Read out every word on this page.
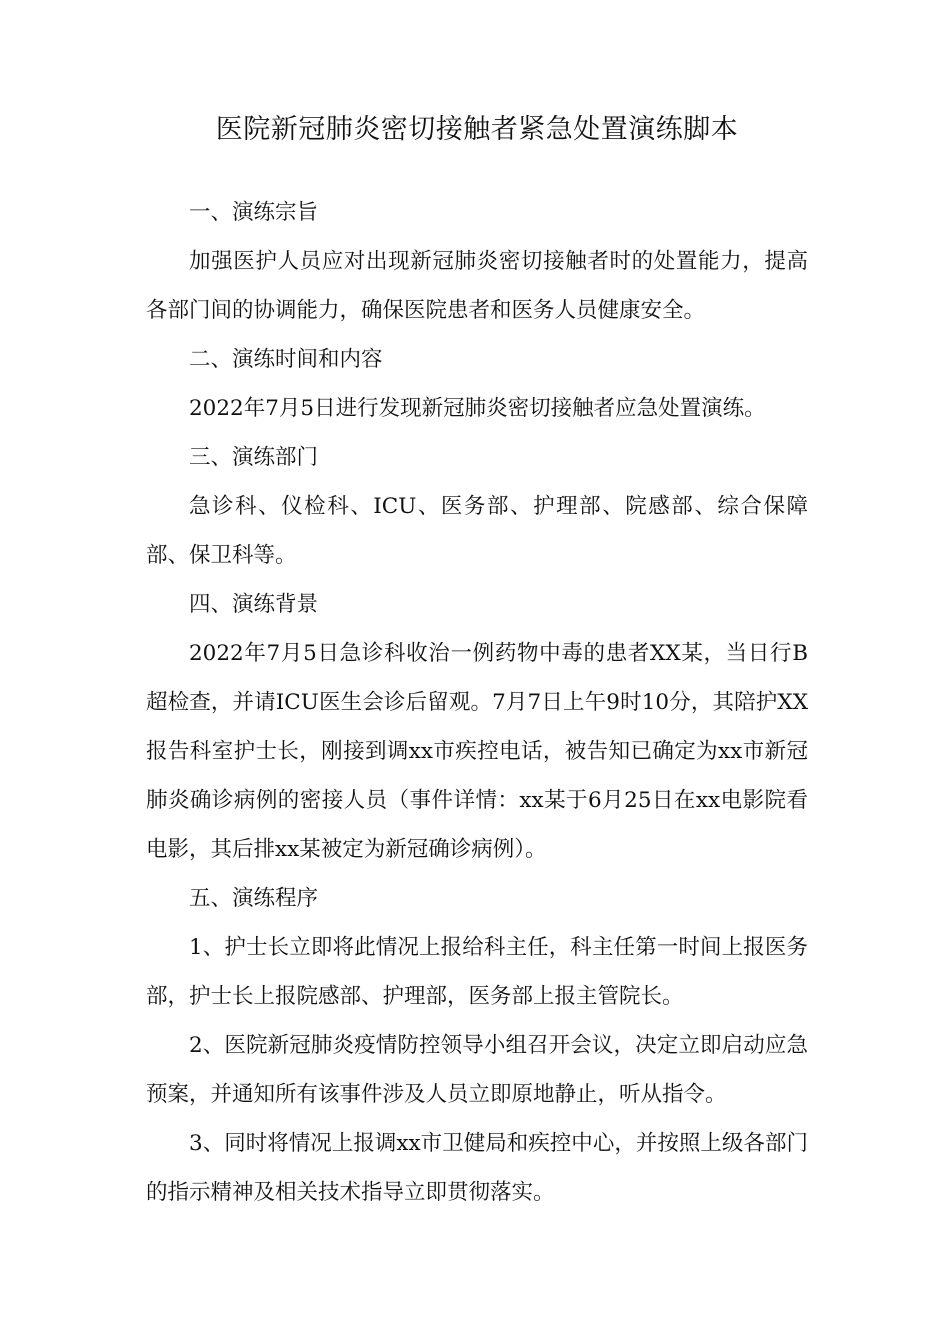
医院新冠肺炎密切接触者紧急处置演练脚本

一、演练宗旨

加强医护人员应对出现新冠肺炎密切接触者时的处置能力，提高各部门间的协调能力，确保医院患者和医务人员健康安全。

二、演练时间和内容

2022年7月5日进行发现新冠肺炎密切接触者应急处置演练。

三、演练部门

急诊科、仪检科、ICU、医务部、护理部、院感部、综合保障部、保卫科等。

四、演练背景

2022年7月5日急诊科收治一例药物中毒的患者XX某，当日行B超检查，并请ICU医生会诊后留观。7月7日上午9时10分，其陪护XX报告科室护士长，刚接到调xx市疾控电话，被告知已确定为xx市新冠肺炎确诊病例的密接人员（事件详情：xx某于6月25日在xx电影院看电影，其后排xx某被定为新冠确诊病例）。

五、演练程序

1、护士长立即将此情况上报给科主任，科主任第一时间上报医务部，护士长上报院感部、护理部，医务部上报主管院长。

2、医院新冠肺炎疫情防控领导小组召开会议，决定立即启动应急预案，并通知所有该事件涉及人员立即原地静止，听从指令。

3、同时将情况上报调xx市卫健局和疾控中心，并按照上级各部门的指示精神及相关技术指导立即贯彻落实。
